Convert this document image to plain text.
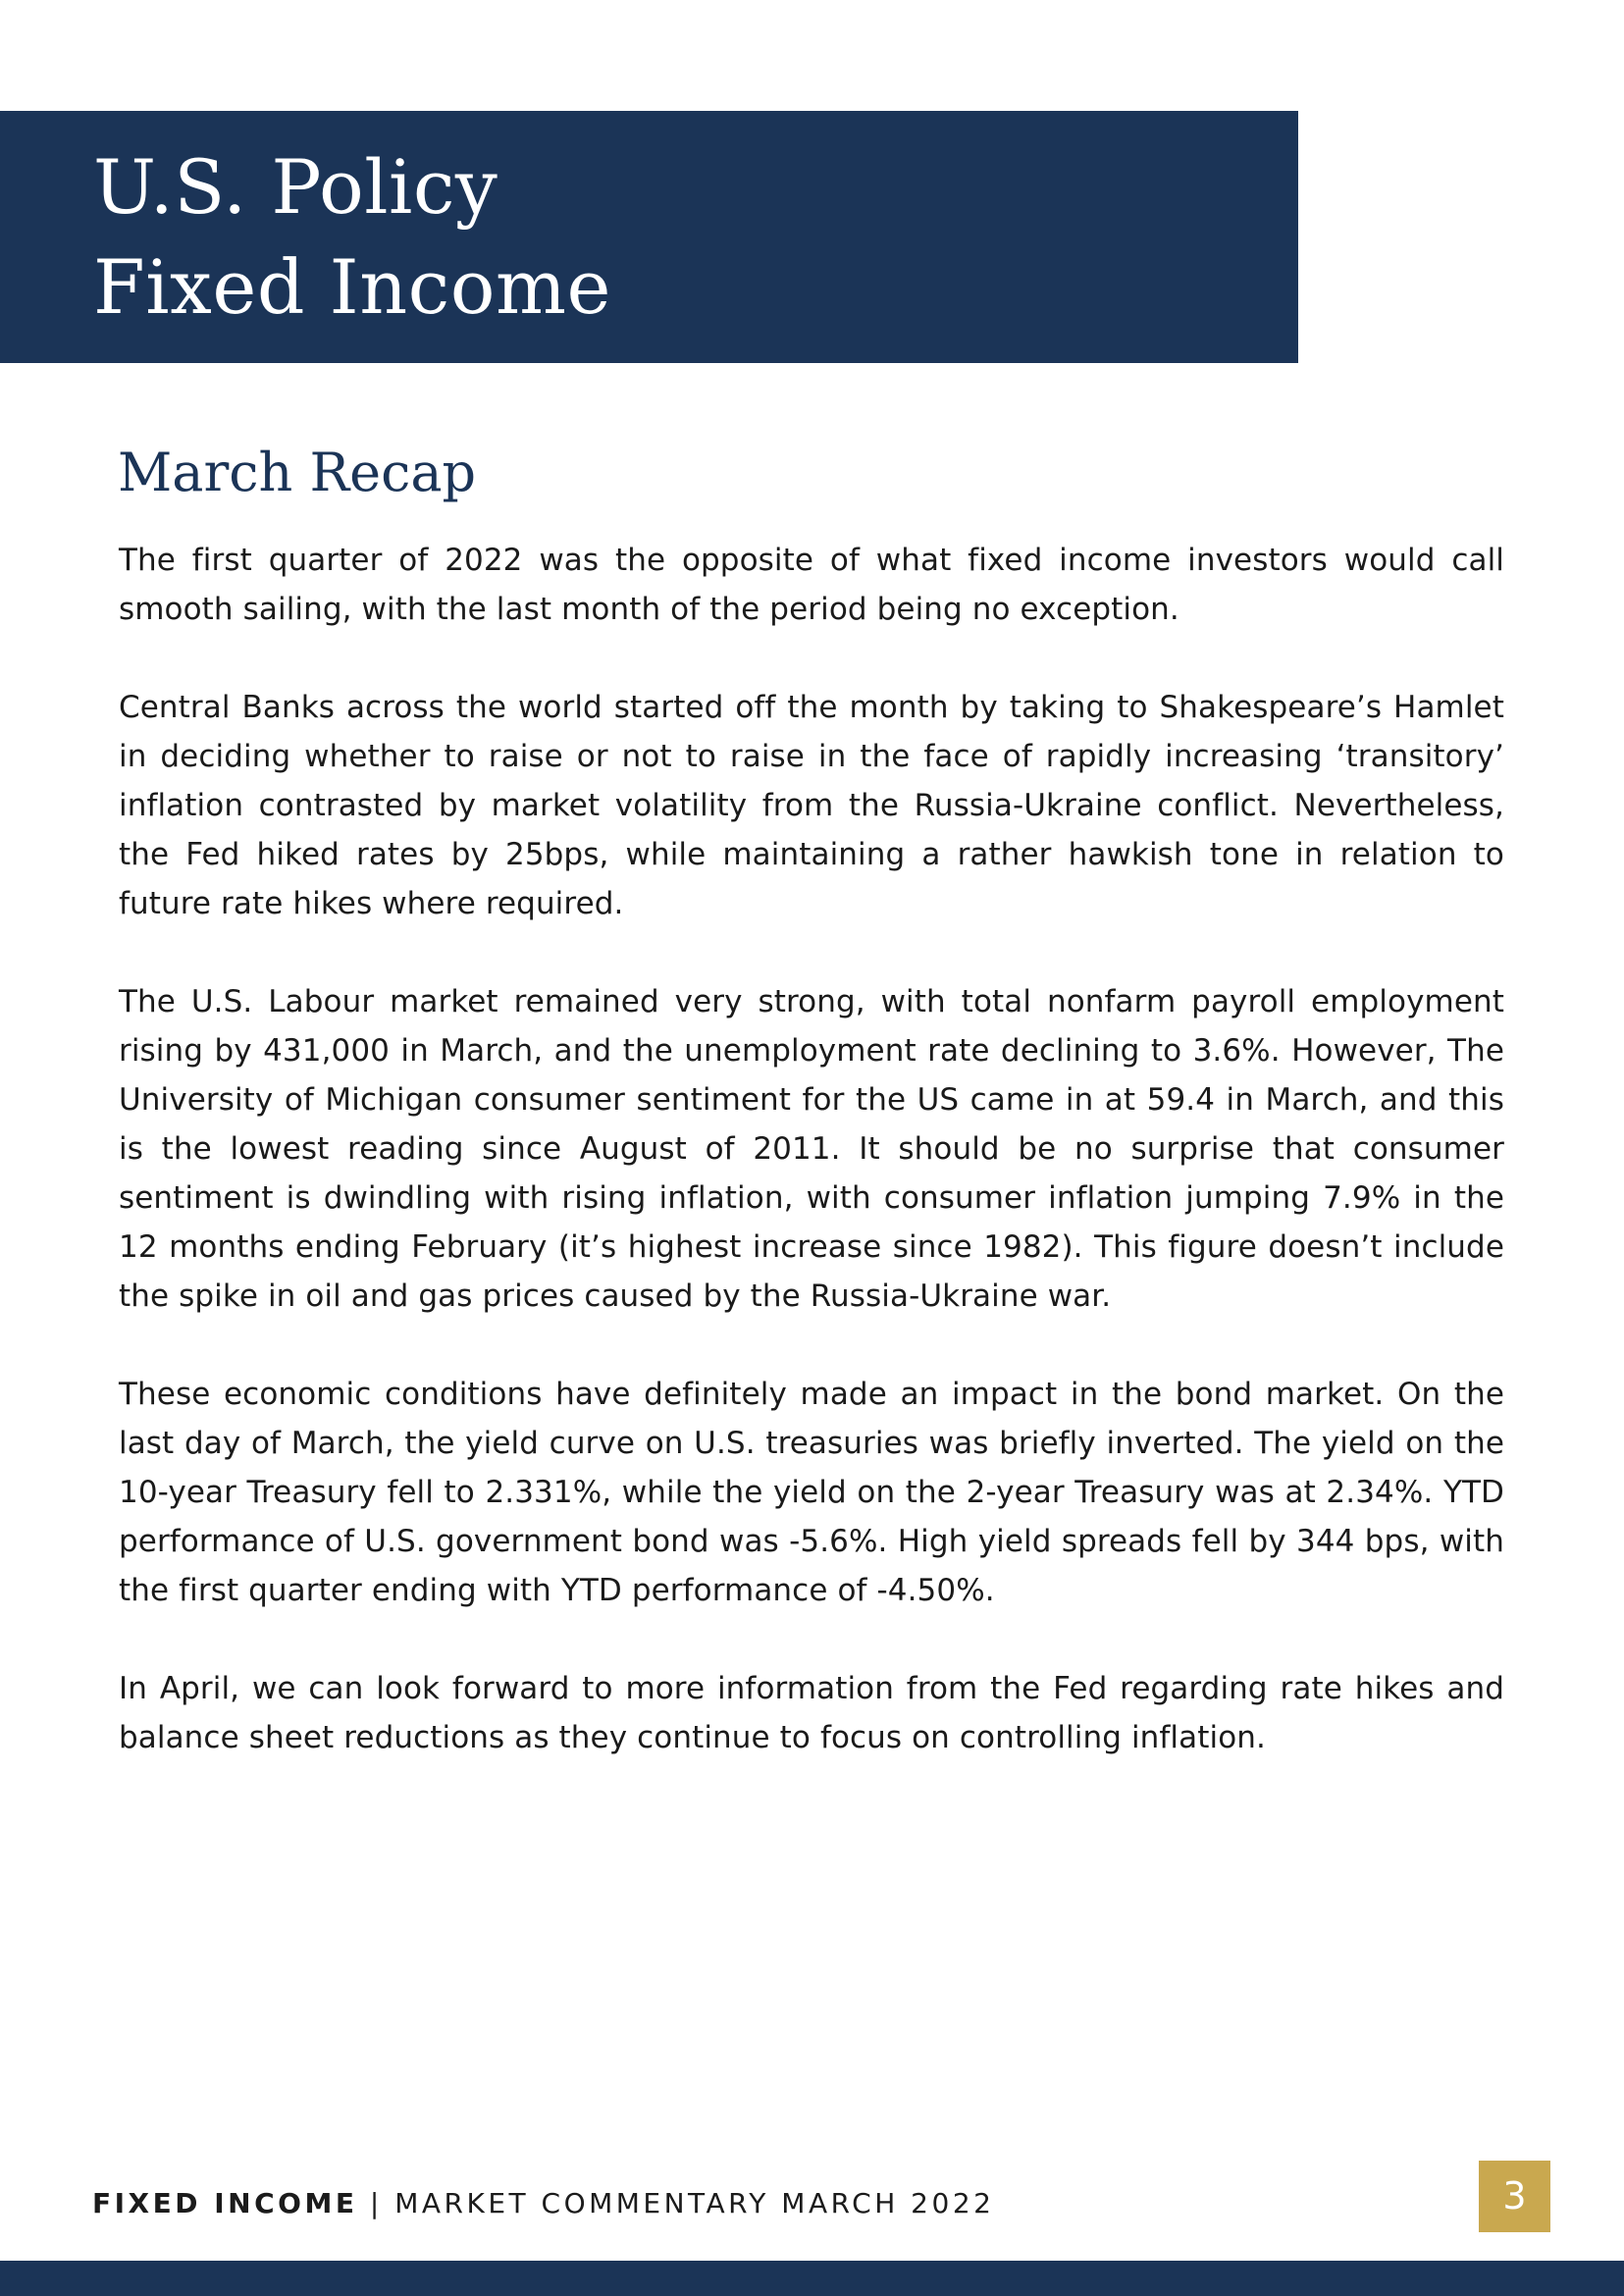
U.S. Policy
Fixed Income
March Recap

The first quarter of 2022 was the opposite of what fixed income investors would call smooth sailing, with the last month of the period being no exception.

Central Banks across the world started off the month by taking to Shakespeare’s Hamlet in deciding whether to raise or not to raise in the face of rapidly increasing ‘transitory’ inflation contrasted by market volatility from the Russia-Ukraine conflict. Nevertheless, the Fed hiked rates by 25bps, while maintaining a rather hawkish tone in relation to future rate hikes where required.

The U.S. Labour market remained very strong, with total nonfarm payroll employment rising by 431,000 in March, and the unemployment rate declining to 3.6%. However, The University of Michigan consumer sentiment for the US came in at 59.4 in March, and this is the lowest reading since August of 2011. It should be no surprise that consumer sentiment is dwindling with rising inflation, with consumer inflation jumping 7.9% in the 12 months ending February (it’s highest increase since 1982). This figure doesn’t include the spike in oil and gas prices caused by the Russia-Ukraine war.

These economic conditions have definitely made an impact in the bond market. On the last day of March, the yield curve on U.S. treasuries was briefly inverted. The yield on the 10-year Treasury fell to 2.331%, while the yield on the 2-year Treasury was at 2.34%. YTD performance of U.S. government bond was -5.6%. High yield spreads fell by 344 bps, with the first quarter ending with YTD performance of -4.50%.

In April, we can look forward to more information from the Fed regarding rate hikes and balance sheet reductions as they continue to focus on controlling inflation.

FIXED INCOME | MARKET COMMENTARY MARCH 2022	3
